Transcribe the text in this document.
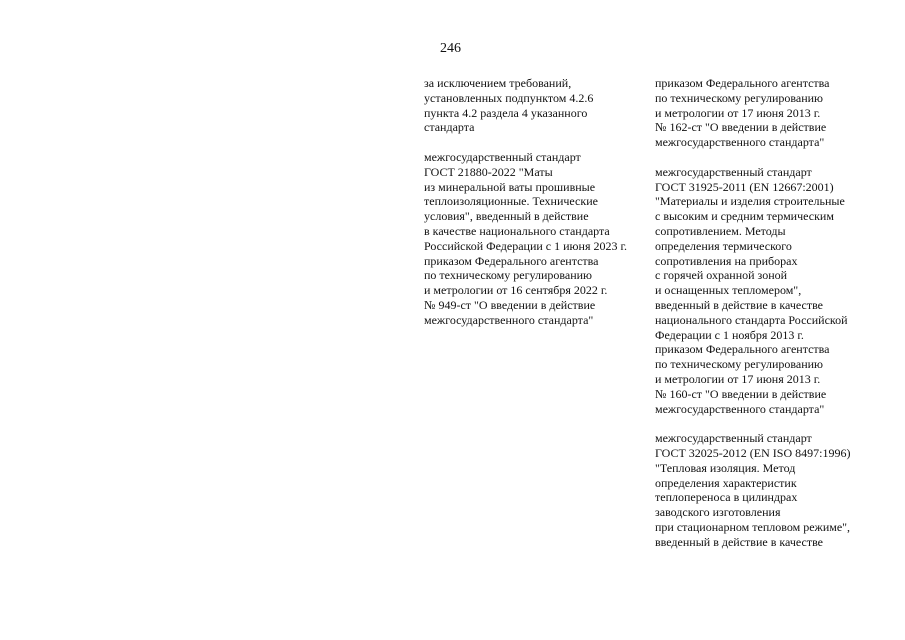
246
за исключением требований,
установленных подпунктом 4.2.6
пункта 4.2 раздела 4 указанного
стандарта
межгосударственный стандарт
ГОСТ 21880-2022 "Маты
из минеральной ваты прошивные
теплоизоляционные. Технические
условия", введенный в действие
в качестве национального стандарта
Российской Федерации с 1 июня 2023 г.
приказом Федерального агентства
по техническому регулированию
и метрологии от 16 сентября 2022 г.
№ 949-ст "О введении в действие
межгосударственного стандарта"
приказом Федерального агентства
по техническому регулированию
и метрологии от 17 июня 2013 г.
№ 162-ст "О введении в действие
межгосударственного стандарта"
межгосударственный стандарт
ГОСТ 31925-2011 (EN 12667:2001)
"Материалы и изделия строительные
с высоким и средним термическим
сопротивлением. Методы
определения термического
сопротивления на приборах
с горячей охранной зоной
и оснащенных тепломером",
введенный в действие в качестве
национального стандарта Российской
Федерации с 1 ноября 2013 г.
приказом Федерального агентства
по техническому регулированию
и метрологии от 17 июня 2013 г.
№ 160-ст "О введении в действие
межгосударственного стандарта"
межгосударственный стандарт
ГОСТ 32025-2012 (EN ISO 8497:1996)
"Тепловая изоляция. Метод
определения характеристик
теплопереноса в цилиндрах
заводского изготовления
при стационарном тепловом режиме",
введенный в действие в качестве
